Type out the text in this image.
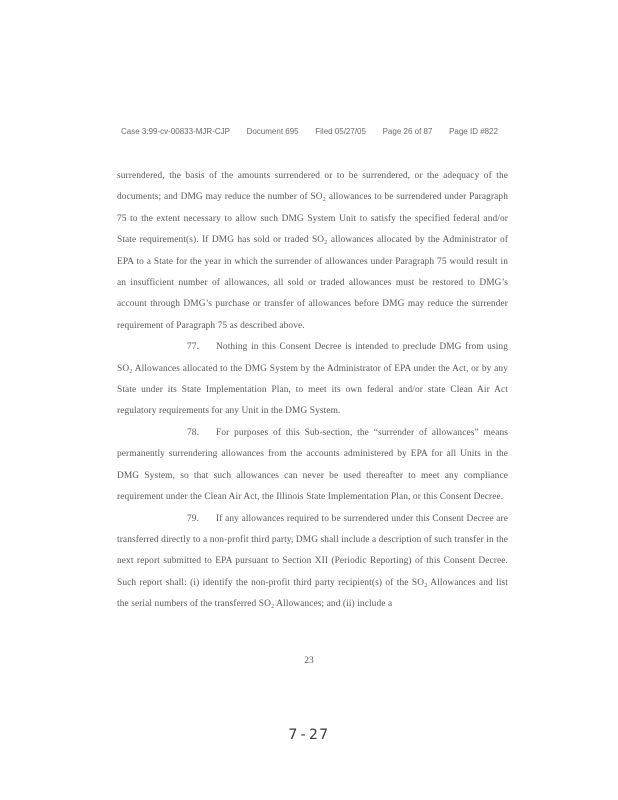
Case 3:99-cv-00833-MJR-CJP Document 695 Filed 05/27/05 Page 26 of 87 Page ID #822

surrendered, the basis of the amounts surrendered or to be surrendered, or the adequacy of the documents; and DMG may reduce the number of SO₂ allowances to be surrendered under Paragraph 75 to the extent necessary to allow such DMG System Unit to satisfy the specified federal and/or State requirement(s). If DMG has sold or traded SO₂ allowances allocated by the Administrator of EPA to a State for the year in which the surrender of allowances under Paragraph 75 would result in an insufficient number of allowances, all sold or traded allowances must be restored to DMG’s account through DMG’s purchase or transfer of allowances before DMG may reduce the surrender requirement of Paragraph 75 as described above.

77. Nothing in this Consent Decree is intended to preclude DMG from using SO₂ Allowances allocated to the DMG System by the Administrator of EPA under the Act, or by any State under its State Implementation Plan, to meet its own federal and/or state Clean Air Act regulatory requirements for any Unit in the DMG System.

78. For purposes of this Sub-section, the “surrender of allowances” means permanently surrendering allowances from the accounts administered by EPA for all Units in the DMG System, so that such allowances can never be used thereafter to meet any compliance requirement under the Clean Air Act, the Illinois State Implementation Plan, or this Consent Decree.

79. If any allowances required to be surrendered under this Consent Decree are transferred directly to a non-profit third party, DMG shall include a description of such transfer in the next report submitted to EPA pursuant to Section XII (Periodic Reporting) of this Consent Decree. Such report shall: (i) identify the non-profit third party recipient(s) of the SO₂ Allowances and list the serial numbers of the transferred SO₂ Allowances; and (ii) include a

23
7-27
